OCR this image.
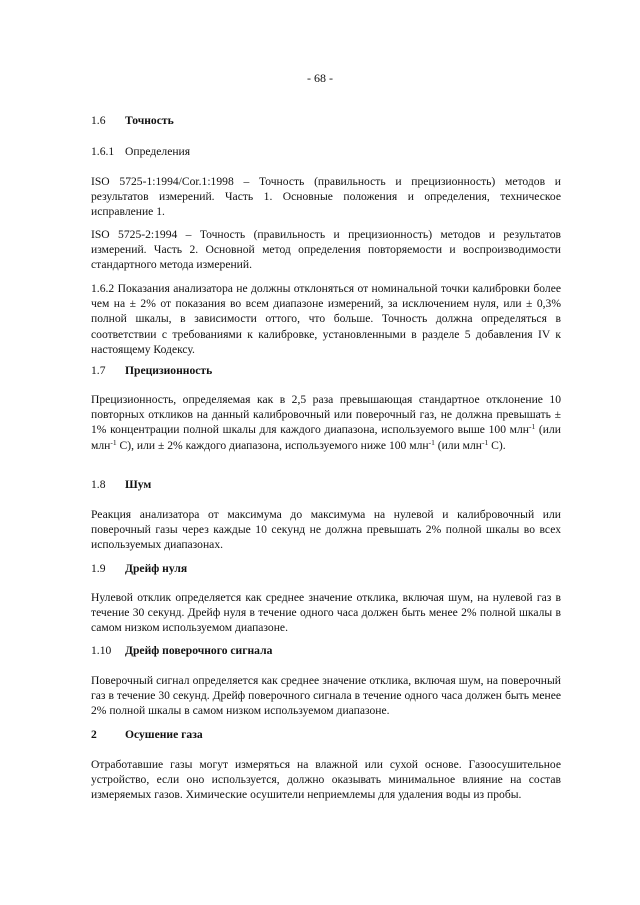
- 68 -
1.6 Точность
1.6.1 Определения
ISO 5725-1:1994/Cor.1:1998 – Точность (правильность и прецизионность) методов и результатов измерений. Часть 1. Основные положения и определения, техническое исправление 1.
ISO 5725-2:1994 – Точность (правильность и прецизионность) методов и результатов измерений. Часть 2. Основной метод определения повторяемости и воспроизводимости стандартного метода измерений.
1.6.2 Показания анализатора не должны отклоняться от номинальной точки калибровки более чем на ± 2% от показания во всем диапазоне измерений, за исключением нуля, или ± 0,3% полной шкалы, в зависимости оттого, что больше. Точность должна определяться в соответствии с требованиями к калибровке, установленными в разделе 5 добавления IV к настоящему Кодексу.
1.7 Прецизионность
Прецизионность, определяемая как в 2,5 раза превышающая стандартное отклонение 10 повторных откликов на данный калибровочный или поверочный газ, не должна превышать ± 1% концентрации полной шкалы для каждого диапазона, используемого выше 100 млн$^{-1}$ (или млн$^{-1}$ С), или ± 2% каждого диапазона, используемого ниже 100 млн$^{-1}$ (или млн$^{-1}$ С).
1.8 Шум
Реакция анализатора от максимума до максимума на нулевой и калибровочный или поверочный газы через каждые 10 секунд не должна превышать 2% полной шкалы во всех используемых диапазонах.
1.9 Дрейф нуля
Нулевой отклик определяется как среднее значение отклика, включая шум, на нулевой газ в течение 30 секунд. Дрейф нуля в течение одного часа должен быть менее 2% полной шкалы в самом низком используемом диапазоне.
1.10 Дрейф поверочного сигнала
Поверочный сигнал определяется как среднее значение отклика, включая шум, на поверочный газ в течение 30 секунд. Дрейф поверочного сигнала в течение одного часа должен быть менее 2% полной шкалы в самом низком используемом диапазоне.
2 Осушение газа
Отработавшие газы могут измеряться на влажной или сухой основе. Газоосушительное устройство, если оно используется, должно оказывать минимальное влияние на состав измеряемых газов. Химические осушители неприемлемы для удаления воды из пробы.
